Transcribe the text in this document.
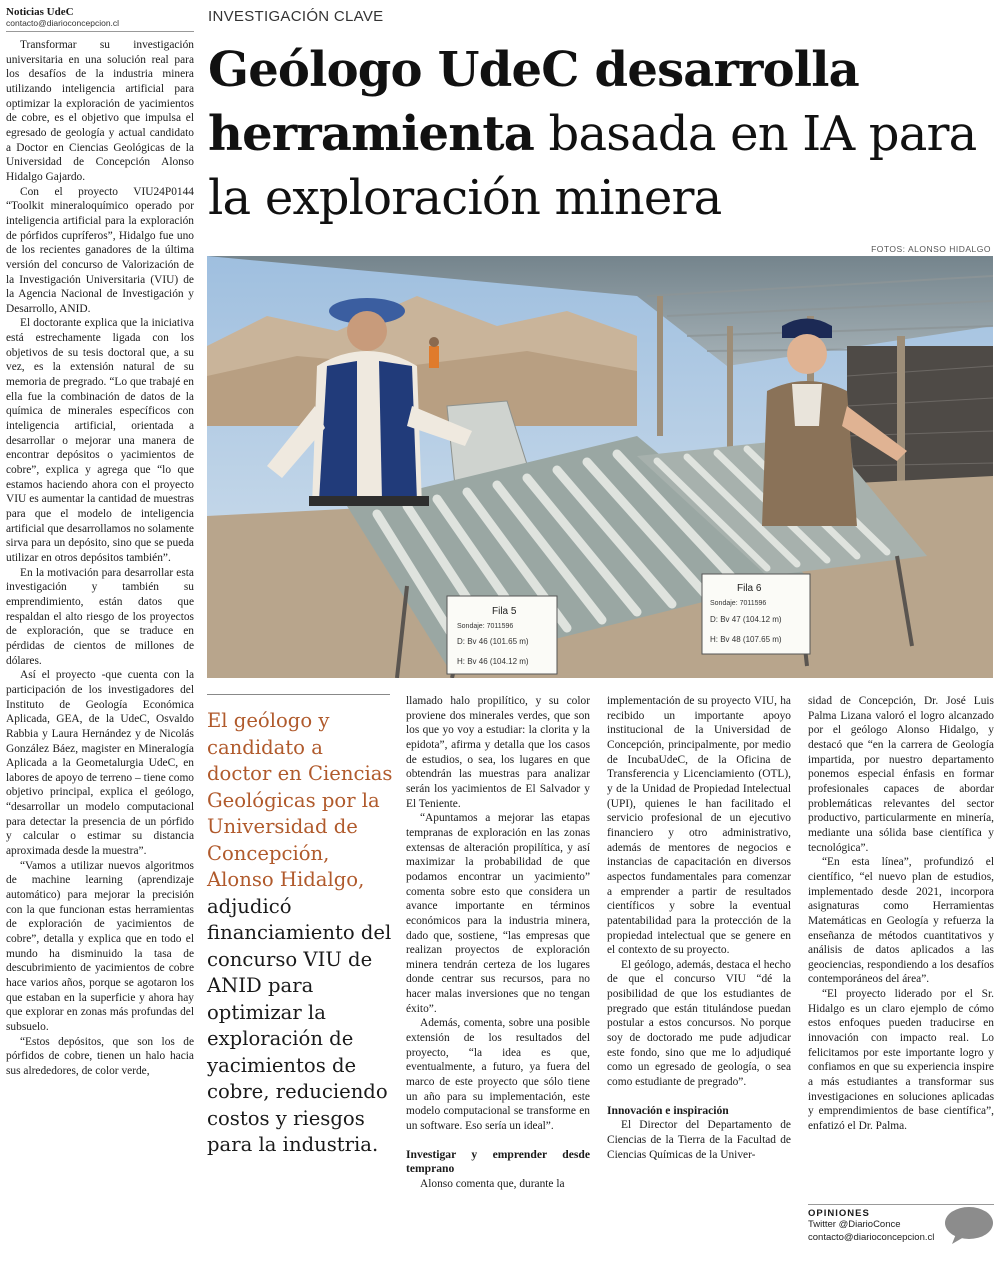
Noticias UdeC
contacto@diarioconcepcion.cl	INVESTIGACIÓN CLAVE
Geólogo UdeC desarrolla herramienta basada en IA para la exploración minera
FOTOS: ALONSO HIDALGO

Transformar su investigación universitaria en una solución real para los desafíos de la industria minera utilizando inteligencia artificial para optimizar la exploración de yacimientos de cobre, es el objetivo que impulsa el egresado de geología y actual candidato a Doctor en Ciencias Geológicas de la Universidad de Concepción Alonso Hidalgo Gajardo.

Con el proyecto VIU24P0144 “Toolkit mineraloquímico operado por inteligencia artificial para la exploración de pórfidos cupríferos”, Hidalgo fue uno de los recientes ganadores de la última versión del concurso de Valorización de la Investigación Universitaria (VIU) de la Agencia Nacional de Investigación y Desarrollo, ANID.

El doctorante explica que la iniciativa está estrechamente ligada con los objetivos de su tesis doctoral que, a su vez, es la extensión natural de su memoria de pregrado. “Lo que trabajé en ella fue la combinación de datos de la química de minerales específicos con inteligencia artificial, orientada a desarrollar o mejorar una manera de encontrar depósitos o yacimientos de cobre”, explica y agrega que “lo que estamos haciendo ahora con el proyecto VIU es aumentar la cantidad de muestras para que el modelo de inteligencia artificial que desarrollamos no solamente sirva para un depósito, sino que se pueda utilizar en otros depósitos también”.

En la motivación para desarrollar esta investigación y también su emprendimiento, están datos que respaldan el alto riesgo de los proyectos de exploración, que se traduce en pérdidas de cientos de millones de dólares.

Así el proyecto -que cuenta con la participación de los investigadores del Instituto de Geología Económica Aplicada, GEA, de la UdeC, Osvaldo Rabbia y Laura Hernández y de Nicolás González Báez, magister en Mineralogía Aplicada a la Geometalurgia UdeC, en labores de apoyo de terreno – tiene como objetivo principal, explica el geólogo, “desarrollar un modelo computacional para detectar la presencia de un pórfido y calcular o estimar su distancia aproximada desde la muestra”.

“Vamos a utilizar nuevos algoritmos de machine learning (aprendizaje automático) para mejorar la precisión con la que funcionan estas herramientas de exploración de yacimientos de cobre”, detalla y explica que en todo el mundo ha disminuido la tasa de descubrimiento de yacimientos de cobre hace varios años, porque se agotaron los que estaban en la superficie y ahora hay que explorar en zonas más profundas del subsuelo.

“Estos depósitos, que son los de pórfidos de cobre, tienen un halo hacia sus alrededores, de color verde,

Fila 5
Sondaje: 7011596
D: Bv 46 (101.65 m)
H: Bv 46 (104.12 m)
Fila 6
Sondaje: 7011596
D: Bv 47 (104.12 m)
H: Bv 48 (107.65 m)
El geólogo y candidato a doctor en Ciencias Geológicas por la Universidad de Concepción, Alonso Hidalgo, adjudicó financiamiento del concurso VIU de ANID para optimizar la exploración de yacimientos de cobre, reduciendo costos y riesgos para la industria.

llamado halo propilítico, y su color proviene dos minerales verdes, que son los que yo voy a estudiar: la clorita y la epidota”, afirma y detalla que los casos de estudios, o sea, los lugares en que obtendrán las muestras para analizar serán los yacimientos de El Salvador y El Teniente.

“Apuntamos a mejorar las etapas tempranas de exploración en las zonas extensas de alteración propilítica, y así maximizar la probabilidad de que podamos encontrar un yacimiento” comenta sobre esto que considera un avance importante en términos económicos para la industria minera, dado que, sostiene, “las empresas que realizan proyectos de exploración minera tendrán certeza de los lugares donde centrar sus recursos, para no hacer malas inversiones que no tengan éxito”.

Además, comenta, sobre una posible extensión de los resultados del proyecto, “la idea es que, eventualmente, a futuro, ya fuera del marco de este proyecto que sólo tiene un año para su implementación, este modelo computacional se transforme en un software. Eso sería un ideal”.

Investigar y emprender desde temprano

Alonso comenta que, durante la

implementación de su proyecto VIU, ha recibido un importante apoyo institucional de la Universidad de Concepción, principalmente, por medio de IncubaUdeC, de la Oficina de Transferencia y Licenciamiento (OTL), y de la Unidad de Propiedad Intelectual (UPI), quienes le han facilitado el servicio profesional de un ejecutivo financiero y otro administrativo, además de mentores de negocios e instancias de capacitación en diversos aspectos fundamentales para comenzar a emprender a partir de resultados científicos y sobre la eventual patentabilidad para la protección de la propiedad intelectual que se genere en el contexto de su proyecto.

El geólogo, además, destaca el hecho de que el concurso VIU “dé la posibilidad de que los estudiantes de pregrado que están titulándose puedan postular a estos concursos. No porque soy de doctorado me pude adjudicar este fondo, sino que me lo adjudiqué como un egresado de geología, o sea como estudiante de pregrado”.

Innovación e inspiración

El Director del Departamento de Ciencias de la Tierra de la Facultad de Ciencias Químicas de la Univer-

sidad de Concepción, Dr. José Luis Palma Lizana valoró el logro alcanzado por el geólogo Alonso Hidalgo, y destacó que “en la carrera de Geología impartida, por nuestro departamento ponemos especial énfasis en formar profesionales capaces de abordar problemáticas relevantes del sector productivo, particularmente en minería, mediante una sólida base científica y tecnológica”.

“En esta línea”, profundizó el científico, “el nuevo plan de estudios, implementado desde 2021, incorpora asignaturas como Herramientas Matemáticas en Geología y refuerza la enseñanza de métodos cuantitativos y análisis de datos aplicados a las geociencias, respondiendo a los desafíos contemporáneos del área”.

“El proyecto liderado por el Sr. Hidalgo es un claro ejemplo de cómo estos enfoques pueden traducirse en innovación con impacto real. Lo felicitamos por este importante logro y confiamos en que su experiencia inspire a más estudiantes a transformar sus investigaciones en soluciones aplicadas y emprendimientos de base científica”, enfatizó el Dr. Palma.

OPINIONES
Twitter @DiarioConce
contacto@diarioconcepcion.cl
